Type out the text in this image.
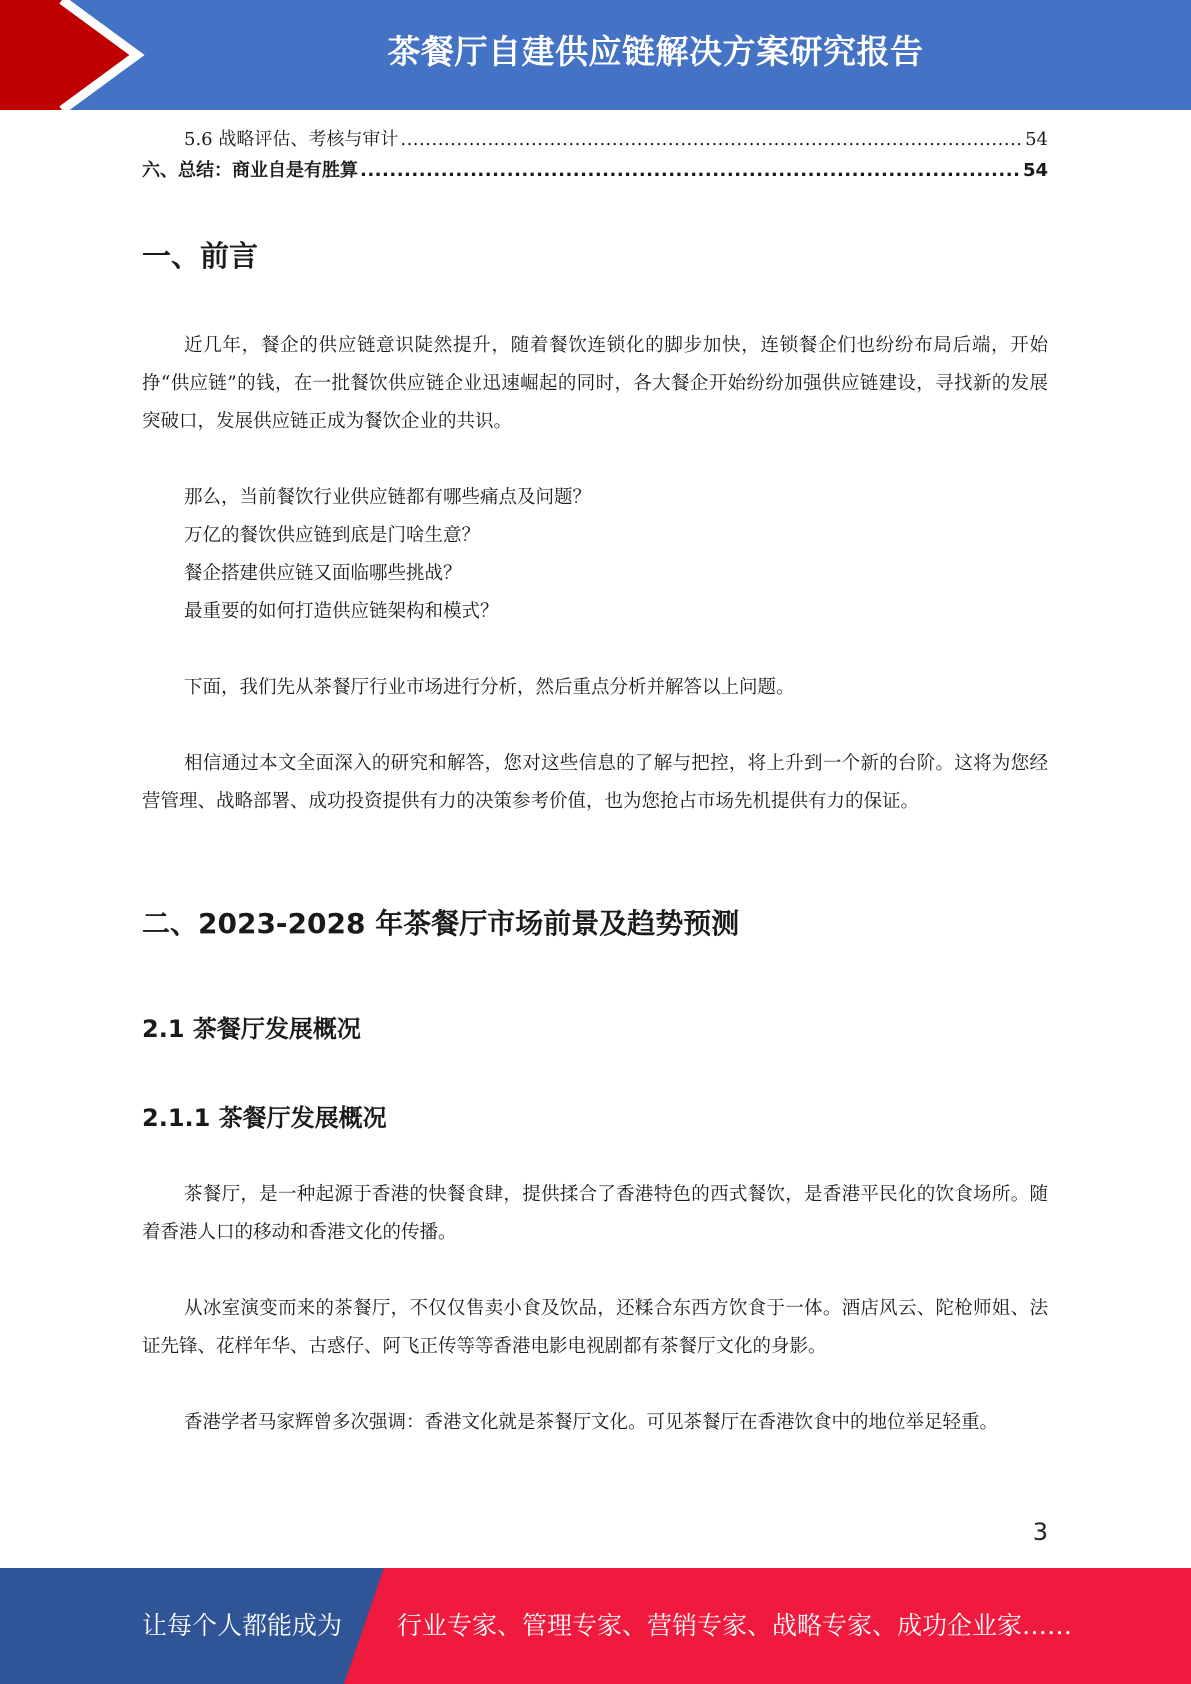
茶餐厅自建供应链解决方案研究报告
5.6 战略评估、考核与审计 .....	54
六、总结：商业自是有胜算 .....	54
一、前言

近几年，餐企的供应链意识陡然提升，随着餐饮连锁化的脚步加快，连锁餐企们也纷纷布局后端，开始挣“供应链”的钱，在一批餐饮供应链企业迅速崛起的同时，各大餐企开始纷纷加强供应链建设，寻找新的发展突破口，发展供应链正成为餐饮企业的共识。

那么，当前餐饮行业供应链都有哪些痛点及问题？
万亿的餐饮供应链到底是门啥生意？
餐企搭建供应链又面临哪些挑战？
最重要的如何打造供应链架构和模式？

下面，我们先从茶餐厅行业市场进行分析，然后重点分析并解答以上问题。

相信通过本文全面深入的研究和解答，您对这些信息的了解与把控，将上升到一个新的台阶。这将为您经营管理、战略部署、成功投资提供有力的决策参考价值，也为您抢占市场先机提供有力的保证。

二、2023-2028 年茶餐厅市场前景及趋势预测
2.1 茶餐厅发展概况
2.1.1 茶餐厅发展概况

茶餐厅，是一种起源于香港的快餐食肆，提供揉合了香港特色的西式餐饮，是香港平民化的饮食场所。随着香港人口的移动和香港文化的传播。

从冰室演变而来的茶餐厅，不仅仅售卖小食及饮品，还糅合东西方饮食于一体。酒店风云、陀枪师姐、法证先锋、花样年华、古惑仔、阿飞正传等等香港电影电视剧都有茶餐厅文化的身影。

香港学者马家辉曾多次强调：香港文化就是茶餐厅文化。可见茶餐厅在香港饮食中的地位举足轻重。

3
让每个人都能成为 行业专家、管理专家、营销专家、战略专家、成功企业家……
